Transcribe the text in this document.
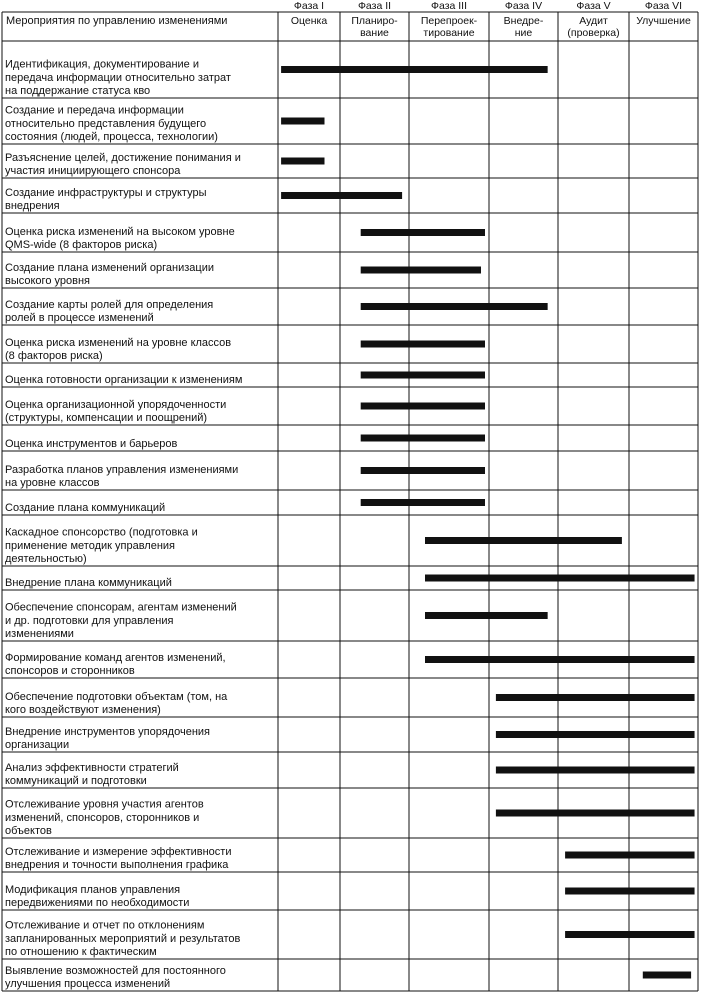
Мероприятия по управлению изменениями
Фаза I
Оценка
Фаза II
Планиро-
вание
Фаза III
Перепроек-
тирование
Фаза IV
Внедре-
ние
Фаза V
Аудит
(проверка)
Фаза VI
Улучшение
Идентификация, документирование и
передача информации относительно затрат
на поддержание статуса кво
Создание и передача информации
относительно представления будущего
состояния (людей, процесса, технологии)
Разъяснение целей, достижение понимания и
участия инициирующего спонсора
Создание инфраструктуры и структуры
внедрения
Оценка риска изменений на высоком уровне
QMS-wide (8 факторов риска)
Создание плана изменений организации
высокого уровня
Создание карты ролей для определения
ролей в процессе изменений
Оценка риска изменений на уровне классов
(8 факторов риска)
Оценка готовности организации к изменениям
Оценка организационной упорядоченности
(структуры, компенсации и поощрений)
Оценка инструментов и барьеров
Разработка планов управления изменениями
на уровне классов
Создание плана коммуникаций
Каскадное спонсорство (подготовка и
применение методик управления
деятельностью)
Внедрение плана коммуникаций
Обеспечение спонсорам, агентам изменений
и др. подготовки для управления
изменениями
Формирование команд агентов изменений,
спонсоров и сторонников
Обеспечение подготовки объектам (том, на
кого воздействуют изменения)
Внедрение инструментов упорядочения
организации
Анализ эффективности стратегий
коммуникаций и подготовки
Отслеживание уровня участия агентов
изменений, спонсоров, сторонников и
объектов
Отслеживание и измерение эффективности
внедрения и точности выполнения графика
Модификация планов управления
передвижениями по необходимости
Отслеживание и отчет по отклонениям
запланированных мероприятий и результатов
по отношению к фактическим
Выявление возможностей для постоянного
улучшения процесса изменений
